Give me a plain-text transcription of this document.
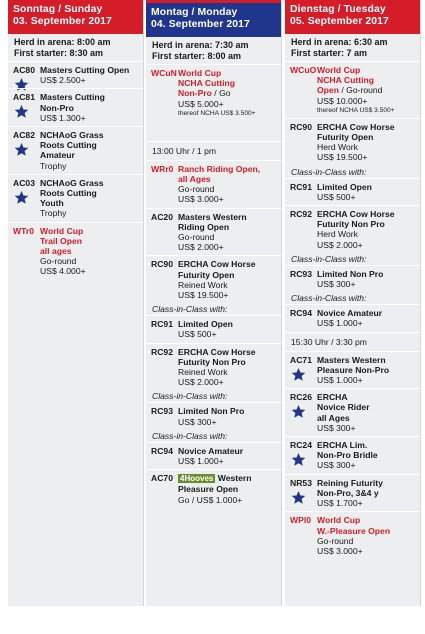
Sonntag / Sunday
03. September 2017
Herd in arena: 8:00 am
First starter: 8:30 am
AC80 Masters Cutting Open
US$ 2.500+
AC81 Masters Cutting
Non-Pro
US$ 1.300+
AC82 NCHAoG Grass
Roots Cutting
Amateur
Trophy
AC03 NCHAoG Grass
Roots Cutting
Youth
Trophy
WTr0 World Cup
Trail Open
all ages
Go-round
US$ 4.000+
Montag / Monday
04. September 2017
Herd in arena: 7:30 am
First starter: 8:00 am
WCuN World Cup
NCHA Cutting
Non-Pro / Go
US$ 5.000+
thereof NCHA US$ 3.500+
13:00 Uhr / 1 pm
WRr0 Ranch Riding Open,
all Ages
Go-round
US$ 3.000+
AC20 Masters Western
Riding Open
Go-round
US$ 2.000+
RC90 ERCHA Cow Horse
Futurity Open
Reined Work
US$ 19.500+
Class-in-Class with:
RC91 Limited Open
US$ 500+
RC92 ERCHA Cow Horse
Futurity Non Pro
Reined Work
US$ 2.000+
Class-in-Class with:
RC93 Limited Non Pro
US$ 300+
Class-in-Class with:
RC94 Novice Amateur
US$ 1.000+
AC70 4Hooves Western
Pleasure Open
Go / US$ 1.000+
Dienstag / Tuesday
05. September 2017
Herd in arena: 6:30 am
First starter: 7 am
WCuO World Cup
NCHA Cutting
Open / Go-round
US$ 10.000+
thereof NCHA US$ 3.500+
RC90 ERCHA Cow Horse
Futurity Open
Herd Work
US$ 19.500+
Class-in-Class with:
RC91 Limited Open
US$ 500+
RC92 ERCHA Cow Horse
Futurity Non Pro
Herd Work
US$ 2.000+
Class-in-Class with:
RC93 Limited Non Pro
US$ 300+
Class-in-Class with:
RC94 Novice Amateur
US$ 1.000+
15:30 Uhr / 3:30 pm
AC71 Masters Western
Pleasure Non-Pro
US$ 1.000+
RC26 ERCHA
Novice Rider
all Ages
US$ 300+
RC24 ERCHA Lim.
Non-Pro Bridle
US$ 300+
NR53 Reining Futurity
Non-Pro, 3&4 y
US$ 1.700+
WPl0 World Cup
W.-Pleasure Open
Go-round
US$ 3.000+
